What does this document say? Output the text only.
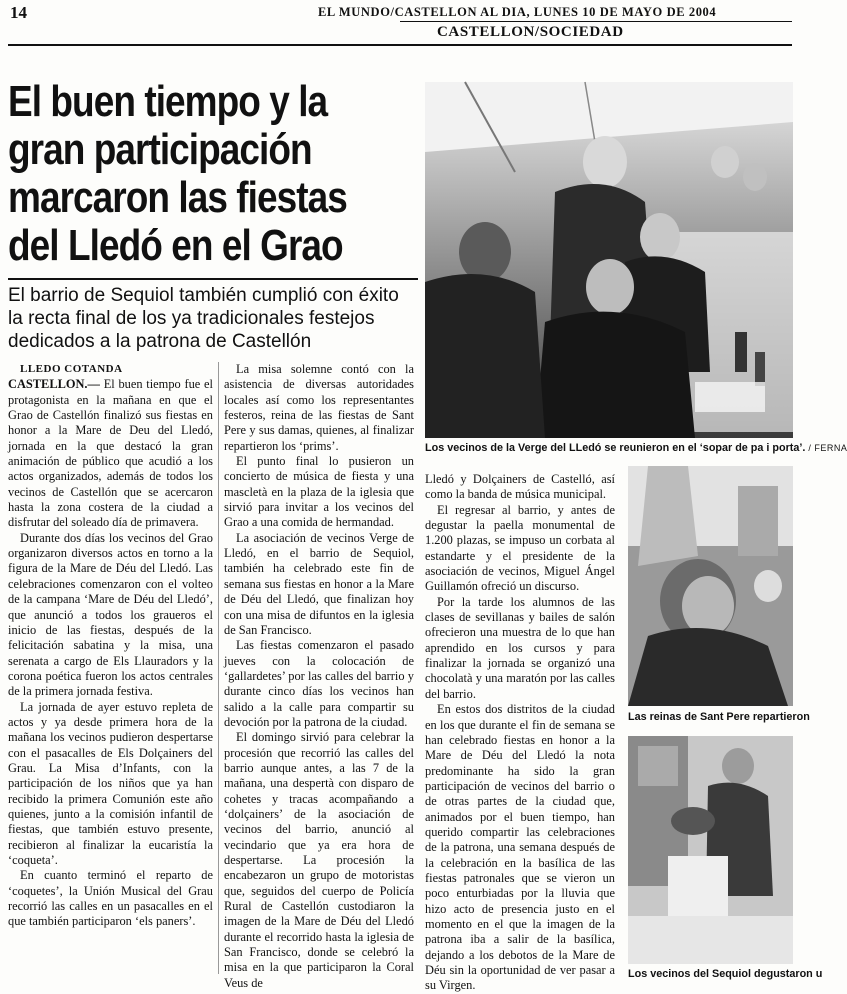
14	EL MUNDO/CASTELLON AL DIA, LUNES 10 DE MAYO DE 2004
CASTELLON/SOCIEDAD
El buen tiempo y la
gran participación
marcaron las fiestas
del Lledó en el Grao
El barrio de Sequiol también cumplió con éxito
la recta final de los ya tradicionales festejos
dedicados a la patrona de Castellón

LLEDO COTANDA

CASTELLON.— El buen tiempo fue el protagonista en la mañana en que el Grao de Castellón finalizó sus fiestas en honor a la Mare de Deu del Lledó, jornada en la que destacó la gran animación de público que acudió a los actos organizados, además de todos los vecinos de Castellón que se acercaron hasta la zona costera de la ciudad a disfrutar del soleado día de primavera.

Durante dos días los vecinos del Grao organizaron diversos actos en torno a la figura de la Mare de Déu del Lledó. Las celebraciones comenzaron con el volteo de la campana ‘Mare de Déu del Lledó’, que anunció a todos los graueros el inicio de las fiestas, después de la felicitación sabatina y la misa, una serenata a cargo de Els Llauradors y la corona poética fueron los actos centrales de la primera jornada festiva.

La jornada de ayer estuvo repleta de actos y ya desde primera hora de la mañana los vecinos pudieron despertarse con el pasacalles de Els Dolçainers del Grau. La Misa d’Infants, con la participación de los niños que ya han recibido la primera Comunión este año quienes, junto a la comisión infantil de fiestas, que también estuvo presente, recibieron al finalizar la eucaristía la ‘coqueta’.

En cuanto terminó el reparto de ‘coquetes’, la Unión Musical del Grau recorrió las calles en un pasacalles en el que también participaron ‘els paners’.

La misa solemne contó con la asistencia de diversas autoridades locales así como los representantes festeros, reina de las fiestas de Sant Pere y sus damas, quienes, al finalizar repartieron los ‘prims’.

El punto final lo pusieron un concierto de música de fiesta y una mascletà en la plaza de la iglesia que sirvió para invitar a los vecinos del Grao a una comida de hermandad.

La asociación de vecinos Verge de Lledó, en el barrio de Sequiol, también ha celebrado este fin de semana sus fiestas en honor a la Mare de Déu del Lledó, que finalizan hoy con una misa de difuntos en la iglesia de San Francisco.

Las fiestas comenzaron el pasado jueves con la colocación de ‘gallardetes’ por las calles del barrio y durante cinco días los vecinos han salido a la calle para compartir su devoción por la patrona de la ciudad.

El domingo sirvió para celebrar la procesión que recorrió las calles del barrio aunque antes, a las 7 de la mañana, una despertà con disparo de cohetes y tracas acompañando a ‘dolçainers’ de la asociación de vecinos del barrio, anunció al vecindario que ya era hora de despertarse. La procesión la encabezaron un grupo de motoristas que, seguidos del cuerpo de Policía Rural de Castellón custodiaron la imagen de la Mare de Déu del Lledó durante el recorrido hasta la iglesia de San Francisco, donde se celebró la misa en la que participaron la Coral Veus de

Lledó y Dolçainers de Castelló, así como la banda de música municipal.

El regresar al barrio, y antes de degustar la paella monumental de 1.200 plazas, se impuso un corbata al estandarte y el presidente de la asociación de vecinos, Miguel Ángel Guillamón ofreció un discurso.

Por la tarde los alumnos de las clases de sevillanas y bailes de salón ofrecieron una muestra de lo que han aprendido en los cursos y para finalizar la jornada se organizó una chocolatà y una maratón por las calles del barrio.

En estos dos distritos de la ciudad en los que durante el fin de semana se han celebrado fiestas en honor a la Mare de Déu del Lledó la nota predominante ha sido la gran participación de vecinos del barrio o de otras partes de la ciudad que, animados por el buen tiempo, han querido compartir las celebraciones de la patrona, una semana después de la celebración en la basílica de las fiestas patronales que se vieron un poco enturbiadas por la lluvia que hizo acto de presencia justo en el momento en el que la imagen de la patrona iba a salir de la basílica, dejando a los debotos de la Mare de Déu sin la oportunidad de ver pasar a su Virgen.

Los vecinos de la Verge del LLedó se reunieron en el ‘sopar de pa i porta’. / FERNA
Las reinas de Sant Pere repartieron
Los vecinos del Sequiol degustaron u
